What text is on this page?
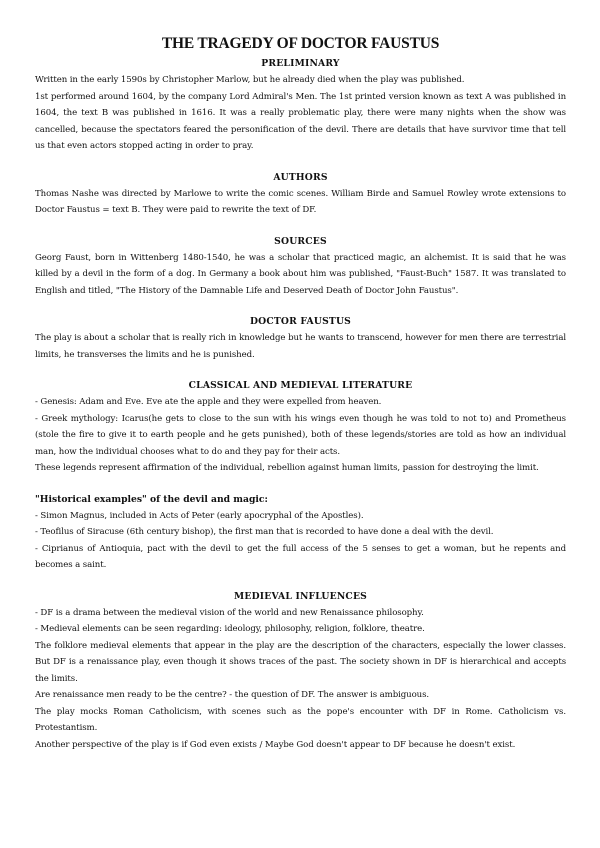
THE TRAGEDY OF DOCTOR FAUSTUS
PRELIMINARY

Written in the early 1590s by Christopher Marlow, but he already died when the play was published.

1st performed around 1604, by the company Lord Admiral's Men. The 1st printed version known as text A was published in 1604, the text B was published in 1616. It was a really problematic play, there were many nights when the show was cancelled, because the spectators feared the personification of the devil. There are details that have survivor time that tell us that even actors stopped acting in order to pray.

AUTHORS

Thomas Nashe was directed by Marlowe to write the comic scenes. William Birde and Samuel Rowley wrote extensions to Doctor Faustus = text B. They were paid to rewrite the text of DF.

SOURCES

Georg Faust, born in Wittenberg 1480-1540, he was a scholar that practiced magic, an alchemist. It is said that he was killed by a devil in the form of a dog. In Germany a book about him was published, "Faust-Buch" 1587. It was translated to English and titled, "The History of the Damnable Life and Deserved Death of Doctor John Faustus".

DOCTOR FAUSTUS

The play is about a scholar that is really rich in knowledge but he wants to transcend, however for men there are terrestrial limits, he transverses the limits and he is punished.

CLASSICAL AND MEDIEVAL LITERATURE

- Genesis: Adam and Eve. Eve ate the apple and they were expelled from heaven.

- Greek mythology: Icarus(he gets to close to the sun with his wings even though he was told to not to) and Prometheus (stole the fire to give it to earth people and he gets punished), both of these legends/stories are told as how an individual man, how the individual chooses what to do and they pay for their acts.

These legends represent affirmation of the individual, rebellion against human limits, passion for destroying the limit.

"Historical examples" of the devil and magic:

- Simon Magnus, included in Acts of Peter (early apocryphal of the Apostles).

- Teofilus of Siracuse (6th century bishop), the first man that is recorded to have done a deal with the devil.

- Ciprianus of Antioquia, pact with the devil to get the full access of the 5 senses to get a woman, but he repents and becomes a saint.

MEDIEVAL INFLUENCES

- DF is a drama between the medieval vision of the world and new Renaissance philosophy.

- Medieval elements can be seen regarding: ideology, philosophy, religion, folklore, theatre.

The folklore medieval elements that appear in the play are the description of the characters, especially the lower classes. But DF is a renaissance play, even though it shows traces of the past. The society shown in DF is hierarchical and accepts the limits.

Are renaissance men ready to be the centre? - the question of DF. The answer is ambiguous.

The play mocks Roman Catholicism, with scenes such as the pope's encounter with DF in Rome. Catholicism vs. Protestantism.

Another perspective of the play is if God even exists / Maybe God doesn't appear to DF because he doesn't exist.
